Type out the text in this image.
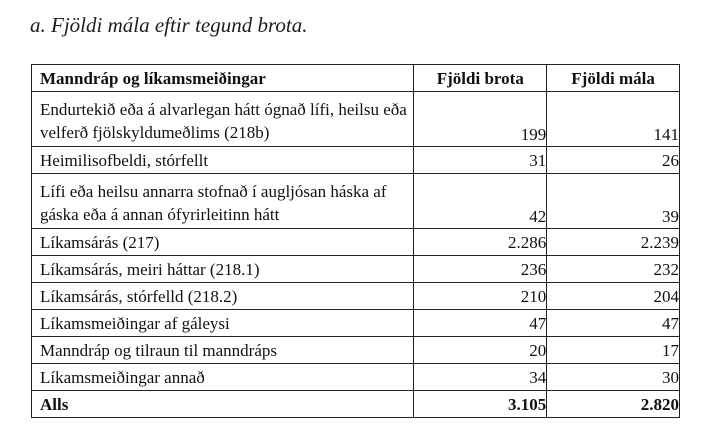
a. Fjöldi mála eftir tegund brota.
Manndráp og líkamsmeiðingar	Fjöldi brota	Fjöldi mála
Endurtekið eða á alvarlegan hátt ógnað lífi, heilsu eða velferð fjölskyldumeðlims (218b)	199	141
Heimilisofbeldi, stórfellt	31	26
Lífi eða heilsu annarra stofnað í augljósan háska af gáska eða á annan ófyrirleitinn hátt	42	39
Líkamsárás (217)	2.286	2.239
Líkamsárás, meiri háttar (218.1)	236	232
Líkamsárás, stórfelld (218.2)	210	204
Líkamsmeiðingar af gáleysi	47	47
Manndráp og tilraun til manndráps	20	17
Líkamsmeiðingar annað	34	30
Alls	3.105	2.820
